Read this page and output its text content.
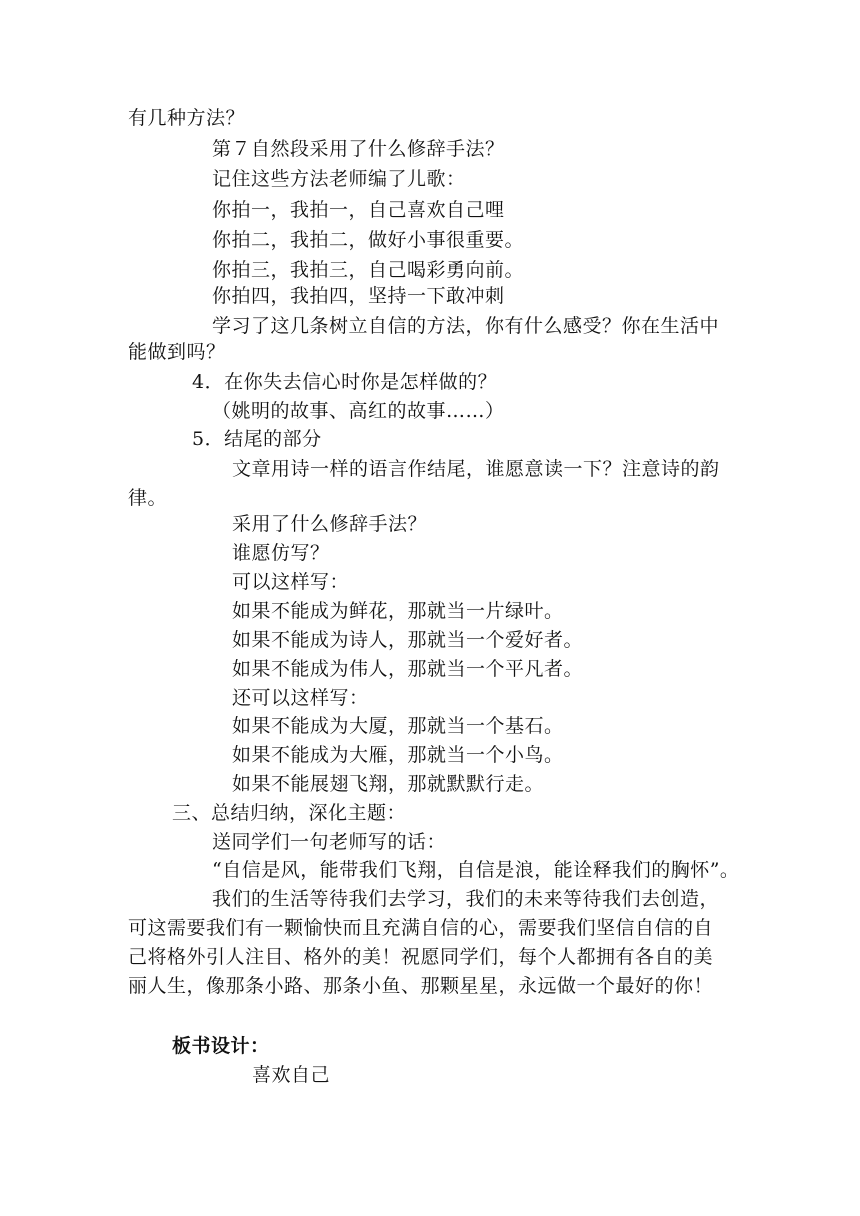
有几种方法？
第７自然段采用了什么修辞手法？
记住这些方法老师编了儿歌：
你拍一，我拍一，自己喜欢自己哩
你拍二，我拍二，做好小事很重要。
你拍三，我拍三，自己喝彩勇向前。
你拍四，我拍四，坚持一下敢冲刺
学习了这几条树立自信的方法，你有什么感受？你在生活中
能做到吗？
4．在你失去信心时你是怎样做的？
（姚明的故事、高红的故事……）
5．结尾的部分
文章用诗一样的语言作结尾，谁愿意读一下？注意诗的韵
律。
采用了什么修辞手法？
谁愿仿写？
可以这样写：
如果不能成为鲜花，那就当一片绿叶。
如果不能成为诗人，那就当一个爱好者。
如果不能成为伟人，那就当一个平凡者。
还可以这样写：
如果不能成为大厦，那就当一个基石。
如果不能成为大雁，那就当一个小鸟。
如果不能展翅飞翔，那就默默行走。
三、总结归纳，深化主题：
送同学们一句老师写的话：
“自信是风，能带我们飞翔，自信是浪，能诠释我们的胸怀”。
我们的生活等待我们去学习，我们的未来等待我们去创造，
可这需要我们有一颗愉快而且充满自信的心，需要我们坚信自信的自
己将格外引人注目、格外的美！祝愿同学们，每个人都拥有各自的美
丽人生，像那条小路、那条小鱼、那颗星星，永远做一个最好的你！
板书设计：
喜欢自己
